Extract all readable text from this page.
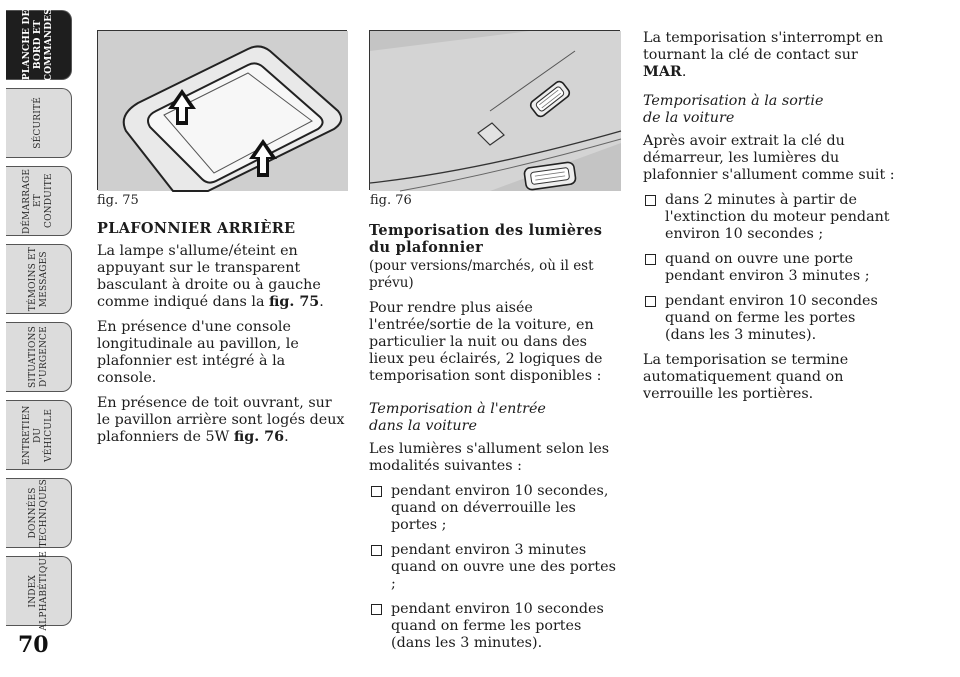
PLANCHE DE
BORD ET
COMMANDES
SÉCURITÉ
DÉMARRAGE
ET CONDUITE
TÉMOINS ET
MESSAGES
SITUATIONS
D'URGENCE
ENTRETIEN
DU VÉHICULE
DONNÉES
TECHNIQUES
INDEX
ALPHABÉTIQUE
70
L0D0078m
fig. 75
L0D0254m
fig. 76
PLAFONNIER ARRIÈRE

La lampe s'allume/éteint en appuyant sur le transparent basculant à droite ou à gauche comme indiqué dans la fig. 75.

En présence d'une console longitudinale au pavillon, le plafonnier est intégré à la console.

En présence de toit ouvrant, sur le pavillon arrière sont logés deux plafonniers de 5W fig. 76.

Temporisation des lumières
du plafonnier

(pour versions/marchés, où il est prévu)

Pour rendre plus aisée l'entrée/sortie de la voiture, en particulier la nuit ou dans des lieux peu éclairés, 2 logiques de temporisation sont disponibles :

Temporisation à l'entrée
dans la voiture

Les lumières s'allument selon les modalités suivantes :

pendant environ 10 secondes, quand on déverrouille les portes ;
pendant environ 3 minutes quand on ouvre une des portes ;
pendant environ 10 secondes quand on ferme les portes (dans les 3 minutes).

La temporisation s'interrompt en tournant la clé de contact sur MAR.

Temporisation à la sortie
de la voiture

Après avoir extrait la clé du démarreur, les lumières du plafonnier s'allument comme suit :

dans 2 minutes à partir de l'extinction du moteur pendant environ 10 secondes ;
quand on ouvre une porte pendant environ 3 minutes ;
pendant environ 10 secondes quand on ferme les portes (dans les 3 minutes).

La temporisation se termine automatiquement quand on verrouille les portières.
